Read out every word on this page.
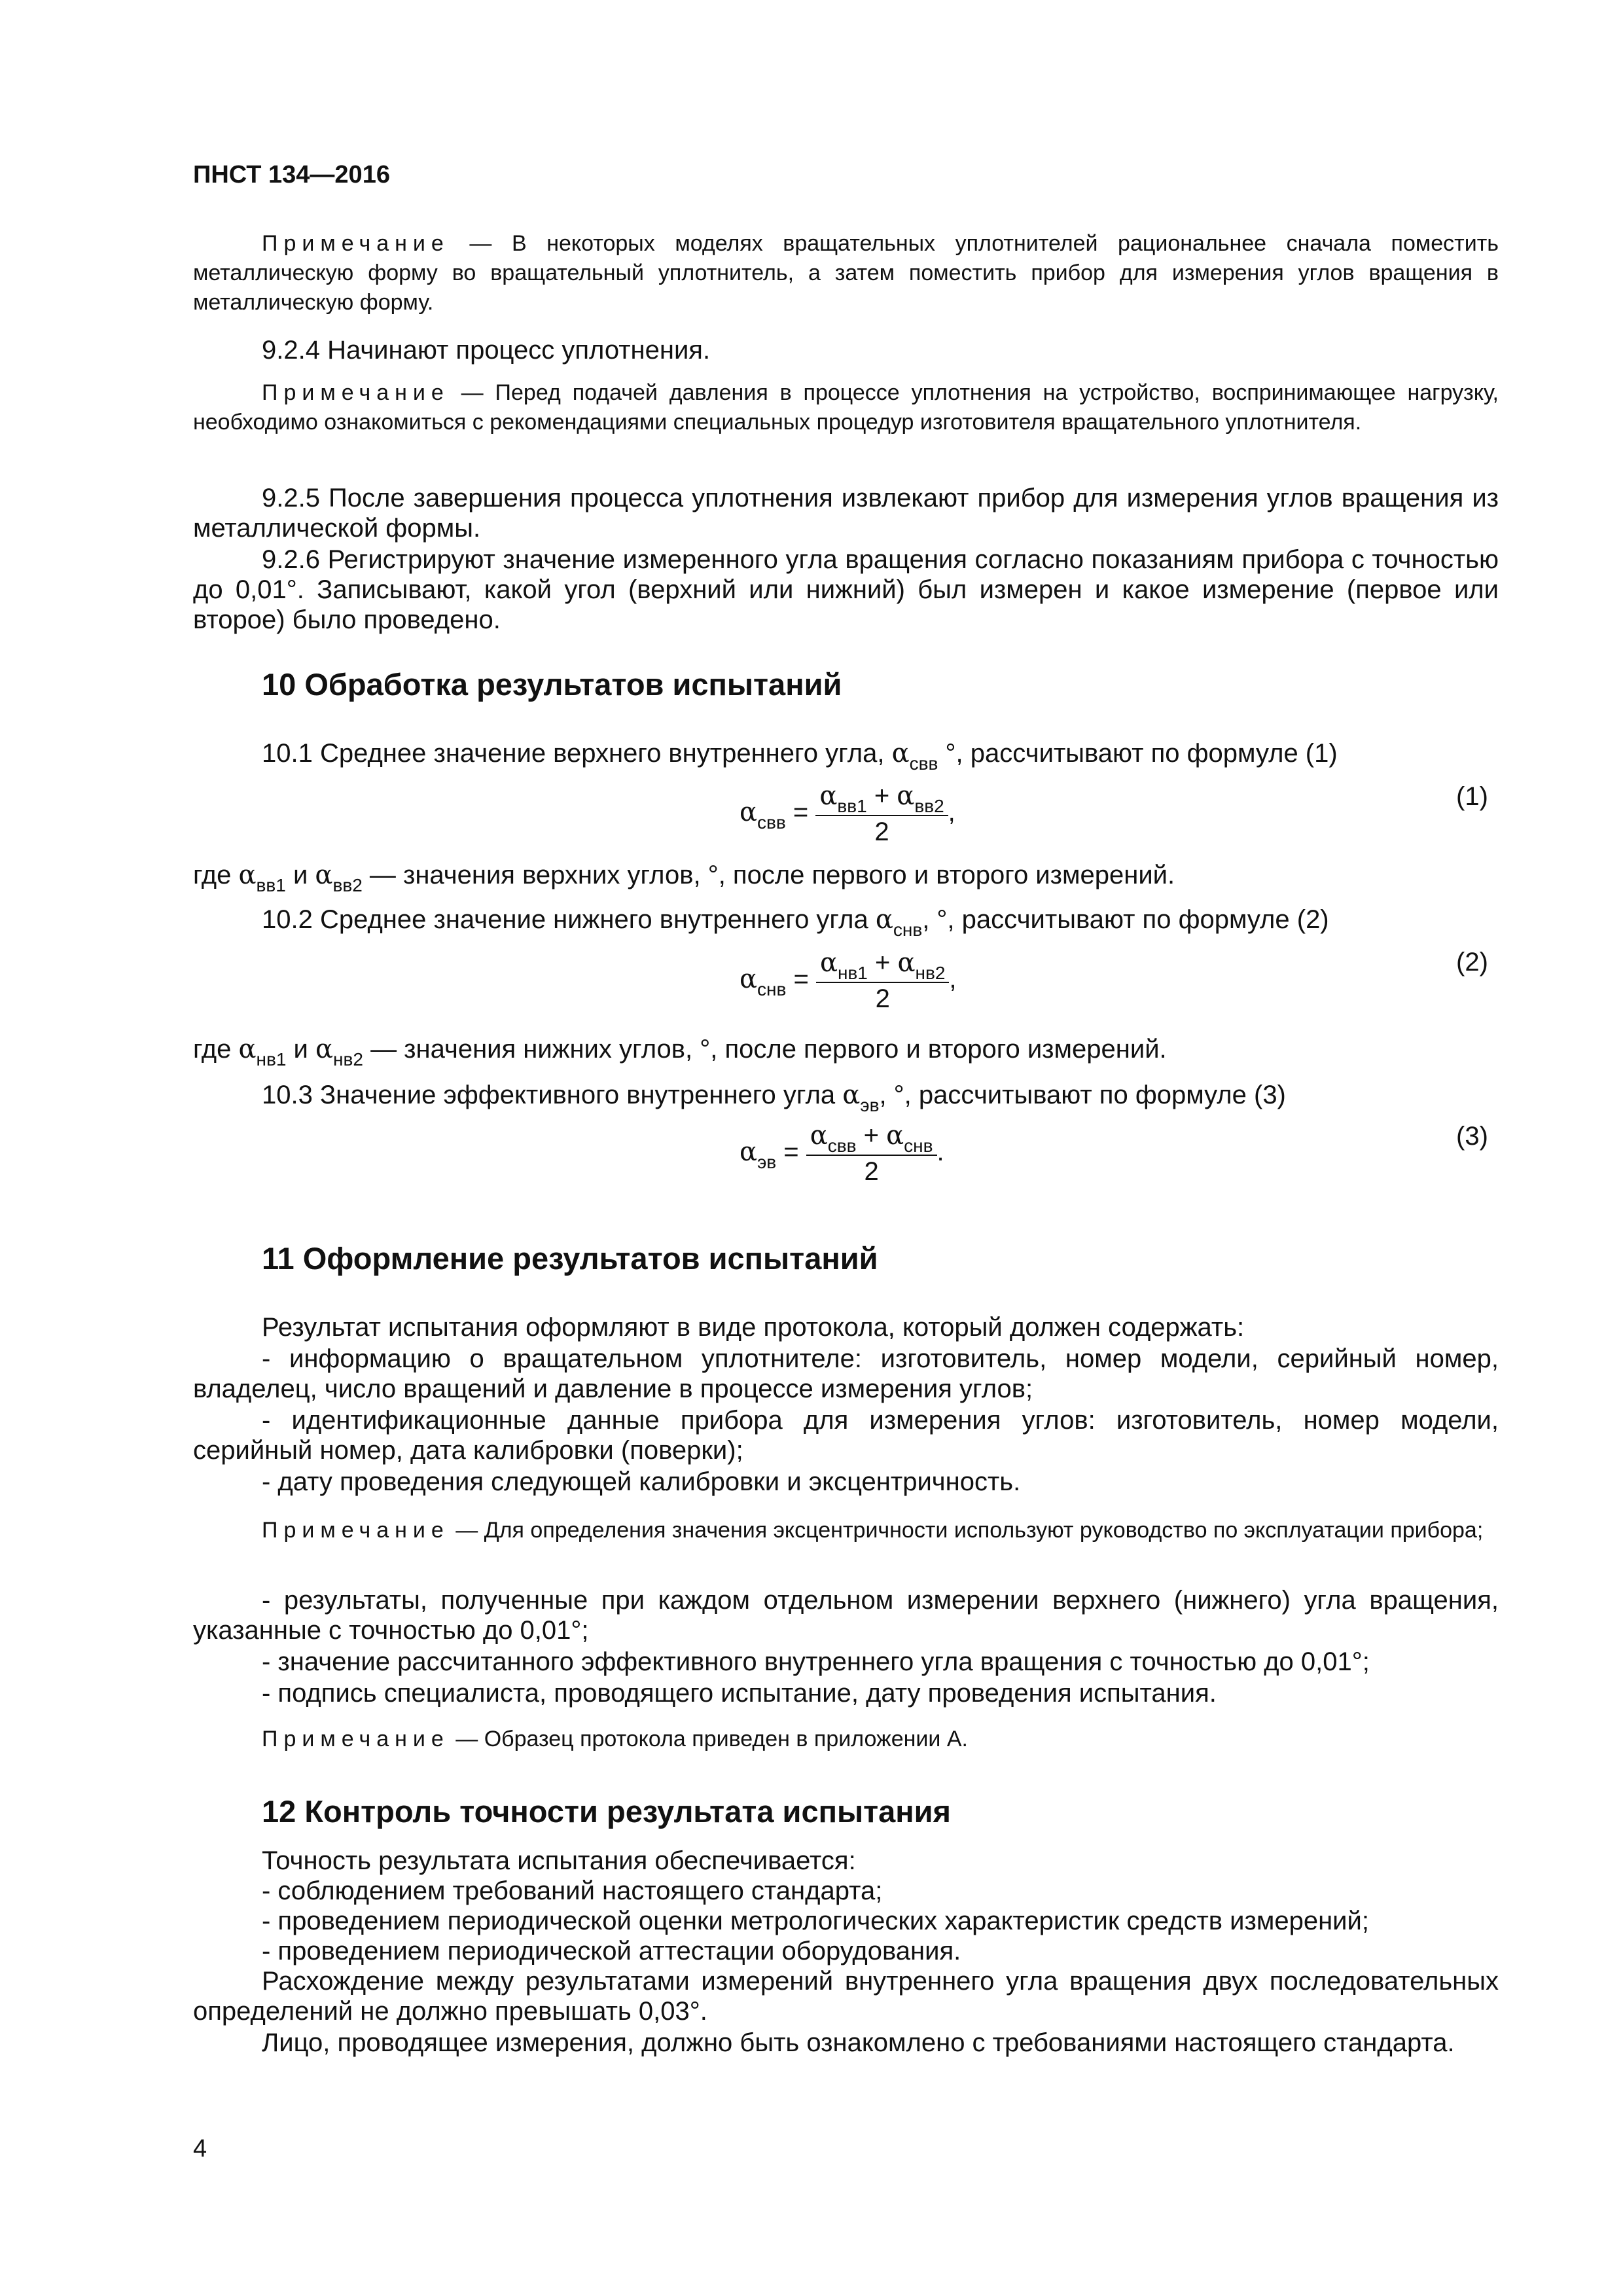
ПНСТ 134—2016
Примечание — В некоторых моделях вращательных уплотнителей рациональнее сначала поместить металлическую форму во вращательный уплотнитель, а затем поместить прибор для измерения углов вращения в металлическую форму.
9.2.4 Начинают процесс уплотнения.
Примечание — Перед подачей давления в процессе уплотнения на устройство, воспринимающее нагрузку, необходимо ознакомиться с рекомендациями специальных процедур изготовителя вращательного уплотнителя.
9.2.5 После завершения процесса уплотнения извлекают прибор для измерения углов вращения из металлической формы.
9.2.6 Регистрируют значение измеренного угла вращения согласно показаниям прибора с точностью до 0,01°. Записывают, какой угол (верхний или нижний) был измерен и какое измерение (первое или второе) было проведено.
10 Обработка результатов испытаний
10.1 Среднее значение верхнего внутреннего угла, $\alpha_{свв}$ °, рассчитывают по формуле (1)
$\alpha_{свв} = \frac{\alpha_{вв1} + \alpha_{вв2}}{2}$ ,
(1)
где $\alpha_{вв1}$ и $\alpha_{вв2}$ — значения верхних углов, °, после первого и второго измерений.
10.2 Среднее значение нижнего внутреннего угла $\alpha_{снв}$, °, рассчитывают по формуле (2)
$\alpha_{снв} = \frac{\alpha_{нв1} + \alpha_{нв2}}{2}$ ,
(2)
где $\alpha_{нв1}$ и $\alpha_{нв2}$ — значения нижних углов, °, после первого и второго измерений.
10.3 Значение эффективного внутреннего угла $\alpha_{эв}$, °, рассчитывают по формуле (3)
$\alpha_{эв} = \frac{\alpha_{свв} + \alpha_{снв}}{2}$ .
(3)
11 Оформление результатов испытаний
Результат испытания оформляют в виде протокола, который должен содержать:
- информацию о вращательном уплотнителе: изготовитель, номер модели, серийный номер, владелец, число вращений и давление в процессе измерения углов;
- идентификационные данные прибора для измерения углов: изготовитель, номер модели, серийный номер, дата калибровки (поверки);
- дату проведения следующей калибровки и эксцентричность.
Примечание — Для определения значения эксцентричности используют руководство по эксплуатации прибора;
- результаты, полученные при каждом отдельном измерении верхнего (нижнего) угла вращения, указанные с точностью до 0,01°;
- значение рассчитанного эффективного внутреннего угла вращения с точностью до 0,01°;
- подпись специалиста, проводящего испытание, дату проведения испытания.
Примечание — Образец протокола приведен в приложении А.
12 Контроль точности результата испытания
Точность результата испытания обеспечивается:
- соблюдением требований настоящего стандарта;
- проведением периодической оценки метрологических характеристик средств измерений;
- проведением периодической аттестации оборудования.
Расхождение между результатами измерений внутреннего угла вращения двух последовательных определений не должно превышать 0,03°.
Лицо, проводящее измерения, должно быть ознакомлено с требованиями настоящего стандарта.
4
